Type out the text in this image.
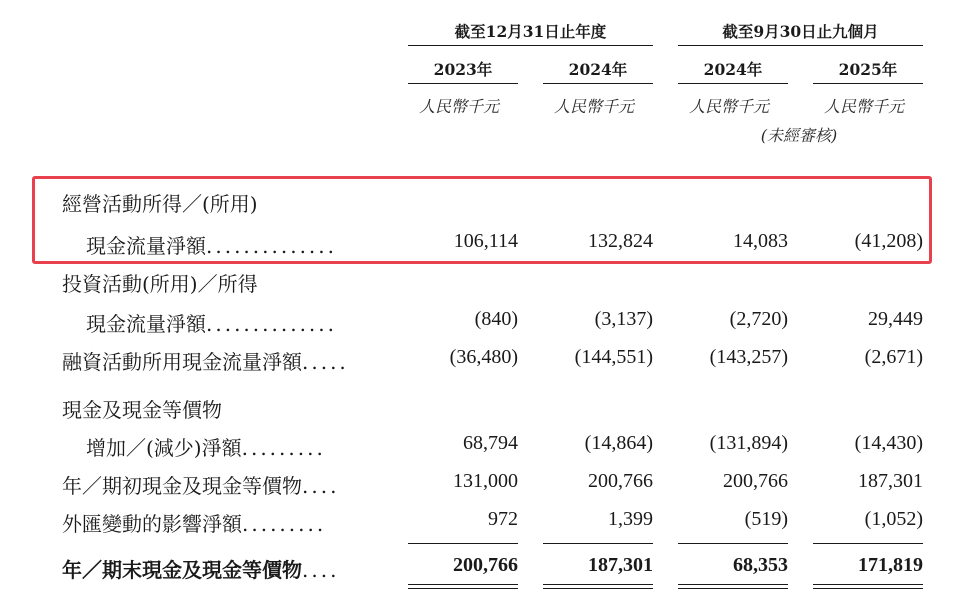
截至12月31日止年度	截至9月30日止九個月
2023年	2024年	2024年	2025年
人民幣千元	人民幣千元	人民幣千元	人民幣千元
(未經審核)
經營活動所得／(所用)
現金流量淨額..............	106,114	132,824	14,083	(41,208)
投資活動(所用)／所得
現金流量淨額..............	(840)	(3,137)	(2,720)	29,449
融資活動所用現金流量淨額.....	(36,480)	(144,551)	(143,257)	(2,671)
現金及現金等價物
增加／(減少)淨額.........	68,794	(14,864)	(131,894)	(14,430)
年／期初現金及現金等價物....	131,000	200,766	200,766	187,301
外匯變動的影響淨額.........	972	1,399	(519)	(1,052)
年／期末現金及現金等價物....	200,766	187,301	68,353	171,819
